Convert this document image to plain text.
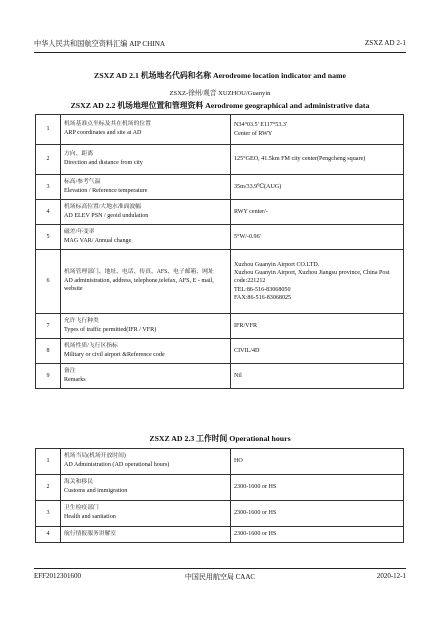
中华人民共和国航空资料汇编 AIP CHINA	ZSXZ AD 2-1
ZSXZ AD 2.1 机场地名代码和名称 Aerodrome location indicator and name
ZSXZ-徐州/观音 XUZHOU/Guanyin
ZSXZ AD 2.2 机场地理位置和管理资料 Aerodrome geographical and administrative data
1	机场基准点坐标及其在机场的位置
ARP coordinates and site at AD	N34°03.5' E117°53.3'
Center of RWY

2	方向、距离
Direction and distance from city	125°GEO, 41.5km FM city center(Pengcheng square)

3	标高/参考气温
Elevation / Reference temperature	35m/33.9℃(AUG)

4	机场标高位置/大地水准面波幅
AD ELEV PSN / geoid undulation	RWY center/-

5	磁差/年变率
MAG VAR/ Annual change	5°W/-0.96'

6	机场管理部门、地址、电话、传真、AFS、电子邮箱、网址
AD administration, address, telephone,telefax, AFS, E - mail, website	Xuzhou Guanyin Airport CO.LTD.
Xuzhou Guanyin Airport, Xuzhou Jiangsu province, China Post code:221212
TEL:86-516-83068050
FAX:86-516-83068025

7	允许飞行种类
Types of traffic permitted(IFR / VFR)	IFR/VFR

8	机场性质/飞行区指标
Military or civil airport &Reference code	CIVIL/4D

9	备注
Remarks	Nil
ZSXZ AD 2.3 工作时间 Operational hours
1	机场当局(机场开放时间)
AD Administration (AD operational hours)	HO

2	海关和移民
Customs and immigration	2300-1600 or HS

3	卫生检疫部门
Health and sanitation	2300-1600 or HS

4	航行情报服务讲解室	2300-1600 or HS
EFF2012301600	中国民用航空局 CAAC	2020-12-1
